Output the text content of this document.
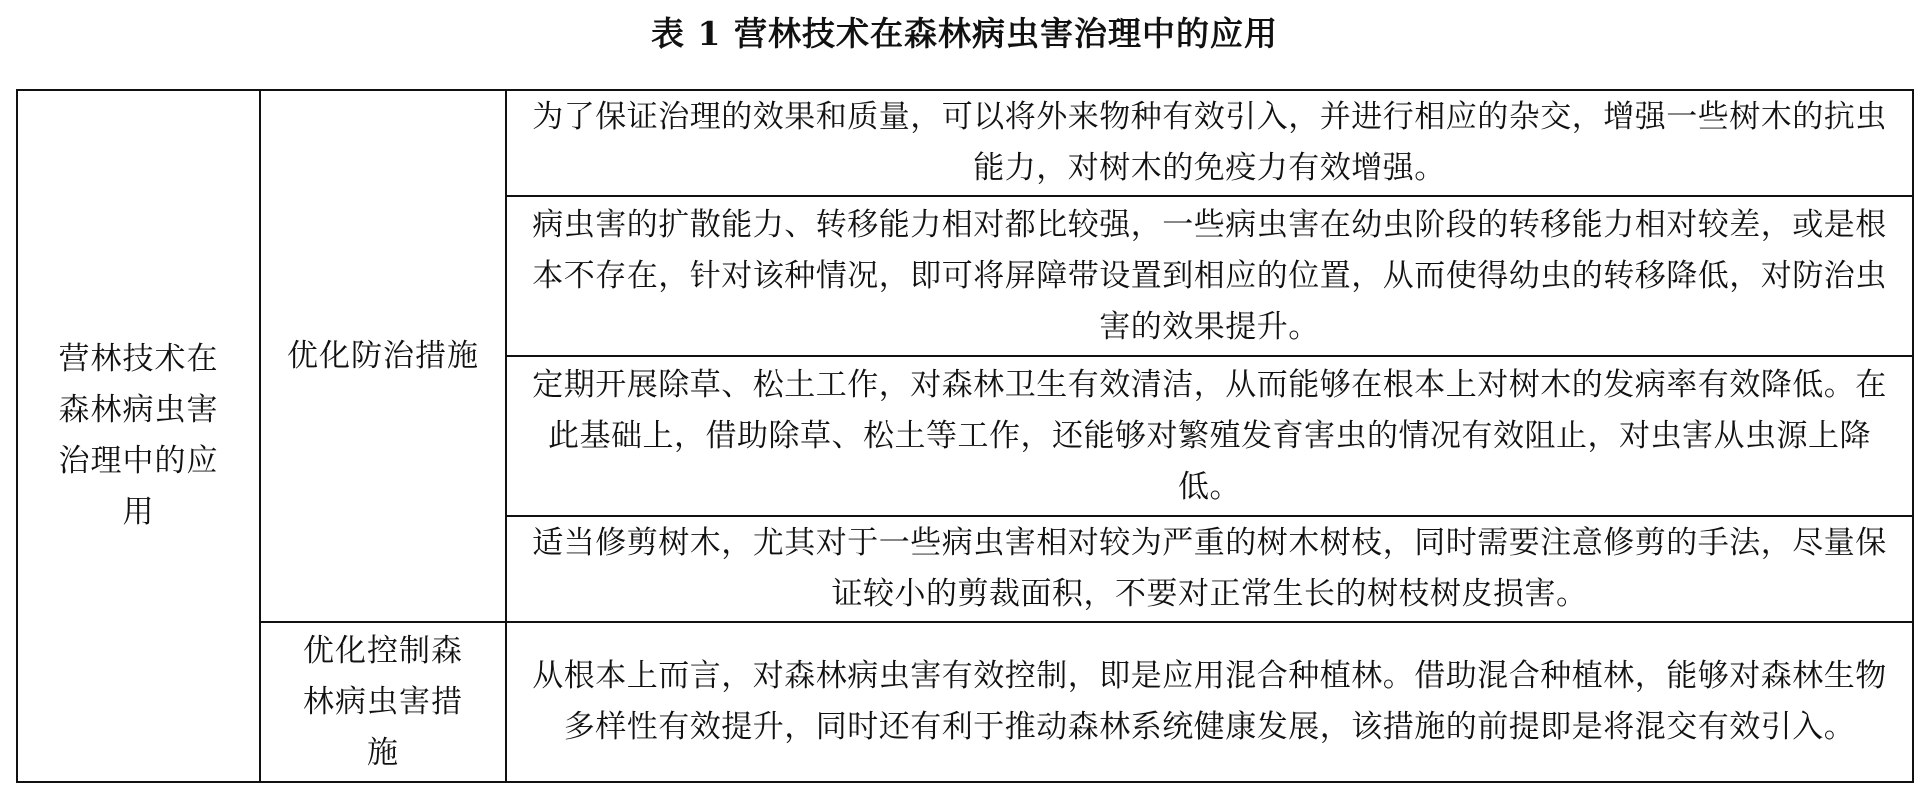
表 1 营林技术在森林病虫害治理中的应用
营林技术在森林病虫害治理中的应用	优化防治措施	为了保证治理的效果和质量，可以将外来物种有效引入，并进行相应的杂交，增强一些树木的抗虫能力，对树木的免疫力有效增强。
		病虫害的扩散能力、转移能力相对都比较强，一些病虫害在幼虫阶段的转移能力相对较差，或是根本不存在，针对该种情况，即可将屏障带设置到相应的位置，从而使得幼虫的转移降低，对防治虫害的效果提升。
		定期开展除草、松土工作，对森林卫生有效清洁，从而能够在根本上对树木的发病率有效降低。在此基础上，借助除草、松土等工作，还能够对繁殖发育害虫的情况有效阻止，对虫害从虫源上降低。
		适当修剪树木，尤其对于一些病虫害相对较为严重的树木树枝，同时需要注意修剪的手法，尽量保证较小的剪裁面积，不要对正常生长的树枝树皮损害。

	优化控制森林病虫害措施	从根本上而言，对森林病虫害有效控制，即是应用混合种植林。借助混合种植林，能够对森林生物多样性有效提升，同时还有利于推动森林系统健康发展，该措施的前提即是将混交有效引入。
